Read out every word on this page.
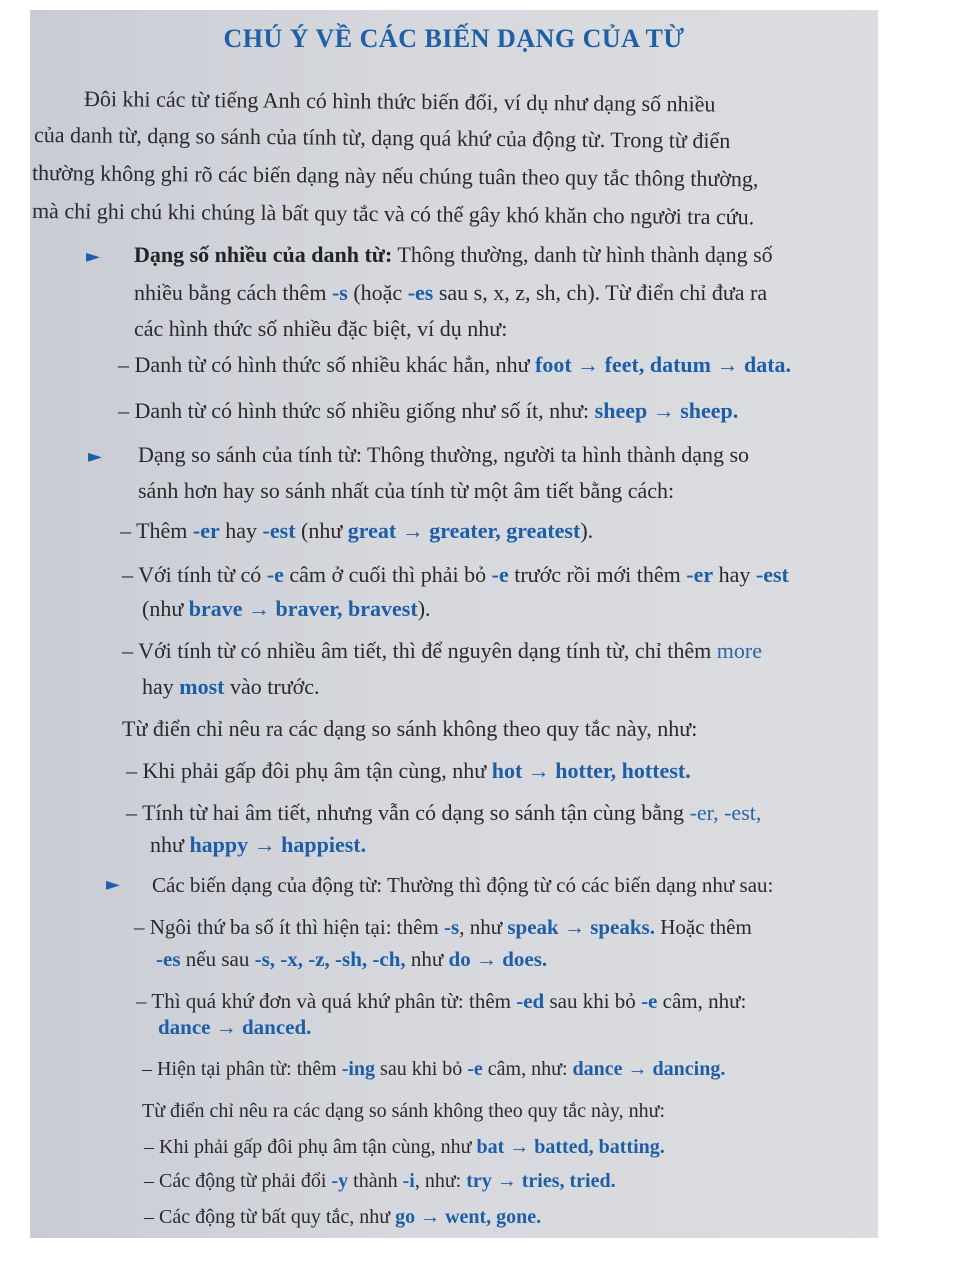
CHÚ Ý VỀ CÁC BIẾN DẠNG CỦA TỪ
Đôi khi các từ tiếng Anh có hình thức biến đổi, ví dụ như dạng số nhiều
của danh từ, dạng so sánh của tính từ, dạng quá khứ của động từ. Trong từ điển
thường không ghi rõ các biến dạng này nếu chúng tuân theo quy tắc thông thường,
mà chỉ ghi chú khi chúng là bất quy tắc và có thể gây khó khăn cho người tra cứu.
► Dạng số nhiều của danh từ: Thông thường, danh từ hình thành dạng số
nhiều bằng cách thêm -s (hoặc -es sau s, x, z, sh, ch). Từ điển chỉ đưa ra
các hình thức số nhiều đặc biệt, ví dụ như:
– Danh từ có hình thức số nhiều khác hẳn, như foot → feet, datum → data.
– Danh từ có hình thức số nhiều giống như số ít, như: sheep → sheep.
► Dạng so sánh của tính từ: Thông thường, người ta hình thành dạng so
sánh hơn hay so sánh nhất của tính từ một âm tiết bằng cách:
– Thêm -er hay -est (như great → greater, greatest).
– Với tính từ có -e câm ở cuối thì phải bỏ -e trước rồi mới thêm -er hay -est
(như brave → braver, bravest).
– Với tính từ có nhiều âm tiết, thì để nguyên dạng tính từ, chỉ thêm more
hay most vào trước.
Từ điển chỉ nêu ra các dạng so sánh không theo quy tắc này, như:
– Khi phải gấp đôi phụ âm tận cùng, như hot → hotter, hottest.
– Tính từ hai âm tiết, nhưng vẫn có dạng so sánh tận cùng bằng -er, -est,
như happy → happiest.
► Các biến dạng của động từ: Thường thì động từ có các biến dạng như sau:
– Ngôi thứ ba số ít thì hiện tại: thêm -s, như speak → speaks. Hoặc thêm
-es nếu sau -s, -x, -z, -sh, -ch, như do → does.
– Thì quá khứ đơn và quá khứ phân từ: thêm -ed sau khi bỏ -e câm, như:
dance → danced.
– Hiện tại phân từ: thêm -ing sau khi bỏ -e câm, như: dance → dancing.
Từ điển chỉ nêu ra các dạng so sánh không theo quy tắc này, như:
– Khi phải gấp đôi phụ âm tận cùng, như bat → batted, batting.
– Các động từ phải đổi -y thành -i, như: try → tries, tried.
– Các động từ bất quy tắc, như go → went, gone.
